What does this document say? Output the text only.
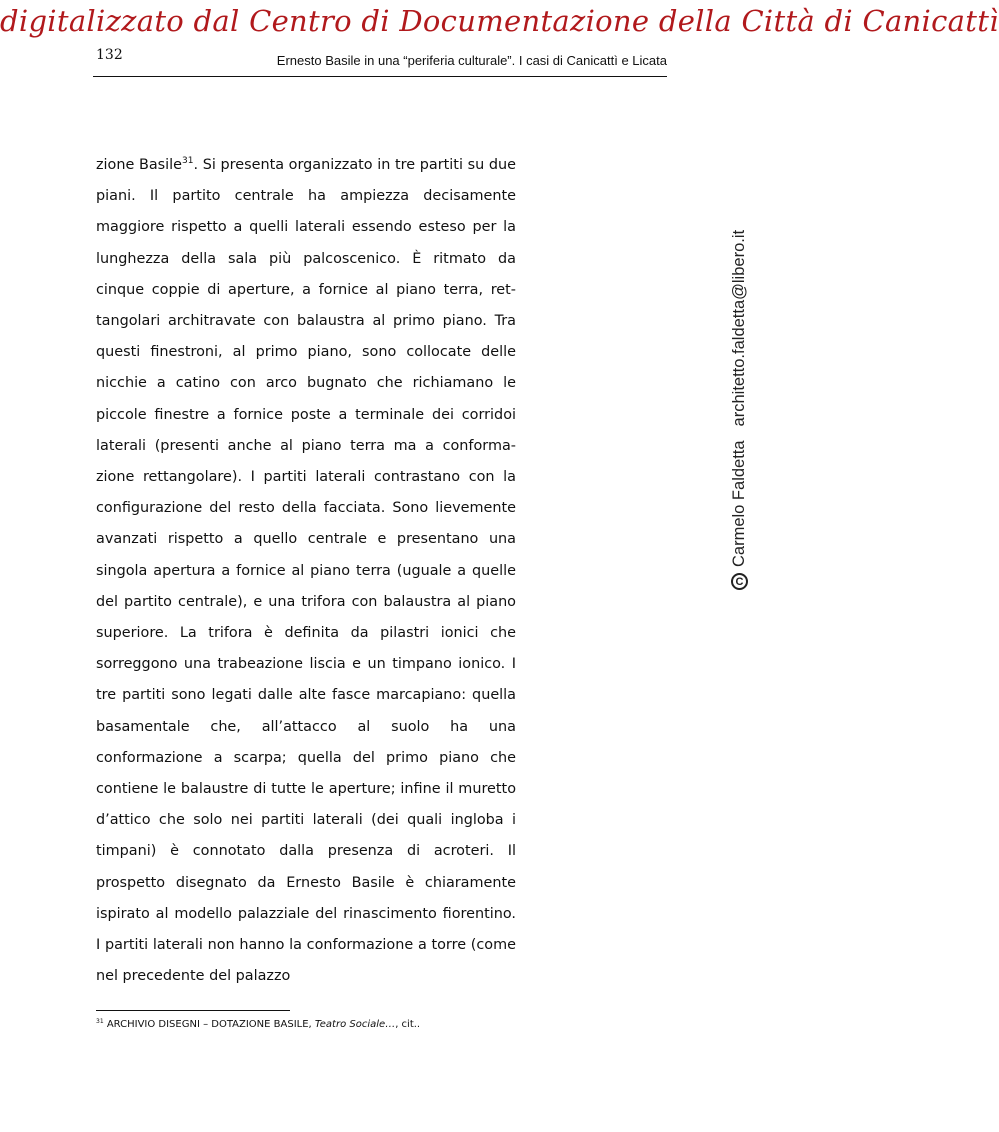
digitalizzato dal Centro di Documentazione della Città di Canicattì
132	Ernesto Basile in una “periferia culturale”. I casi di Canicattì e Licata
zione Basile$^{31}$. Si presenta organizzato in tre partiti su due piani. Il partito centrale ha ampiezza decisamente maggiore rispetto a quelli laterali essendo esteso per la lunghezza della sala più palcoscenico. È ritmato da cinque coppie di aperture, a fornice al piano terra, rettangolari architravate con balaustra al primo piano. Tra questi finestroni, al primo piano, sono collocate delle nicchie a catino con arco bugnato che richiamano le piccole finestre a fornice poste a terminale dei corridoi laterali (presenti anche al piano terra ma a conformazione rettangolare). I partiti laterali contrastano con la configurazione del resto della facciata. Sono lievemente avanzati rispetto a quello centrale e presentano una singola apertura a fornice al piano terra (uguale a quelle del partito centrale), e una trifora con balaustra al piano superiore. La trifora è definita da pilastri ionici che sorreggono una trabeazione liscia e un timpano ionico. I tre partiti sono legati dalle alte fasce marcapiano: quella basamentale che, all’attacco al suolo ha una conformazione a scarpa; quella del primo piano che contiene le balaustre di tutte le aperture; infine il muretto d’attico che solo nei partiti laterali (dei quali ingloba i timpani) è connotato dalla presenza di acroteri. Il prospetto disegnato da Ernesto Basile è chiaramente ispirato al modello palazziale del rinascimento fiorentino. I partiti laterali non hanno la conformazione a torre (come nel precedente del palazzo
$^{31}$ ARCHIVIO DISEGNI – DOTAZIONE BASILE, Teatro Sociale…, cit..
C
Carmelo Faldetta
architetto.faldetta@libero.it
